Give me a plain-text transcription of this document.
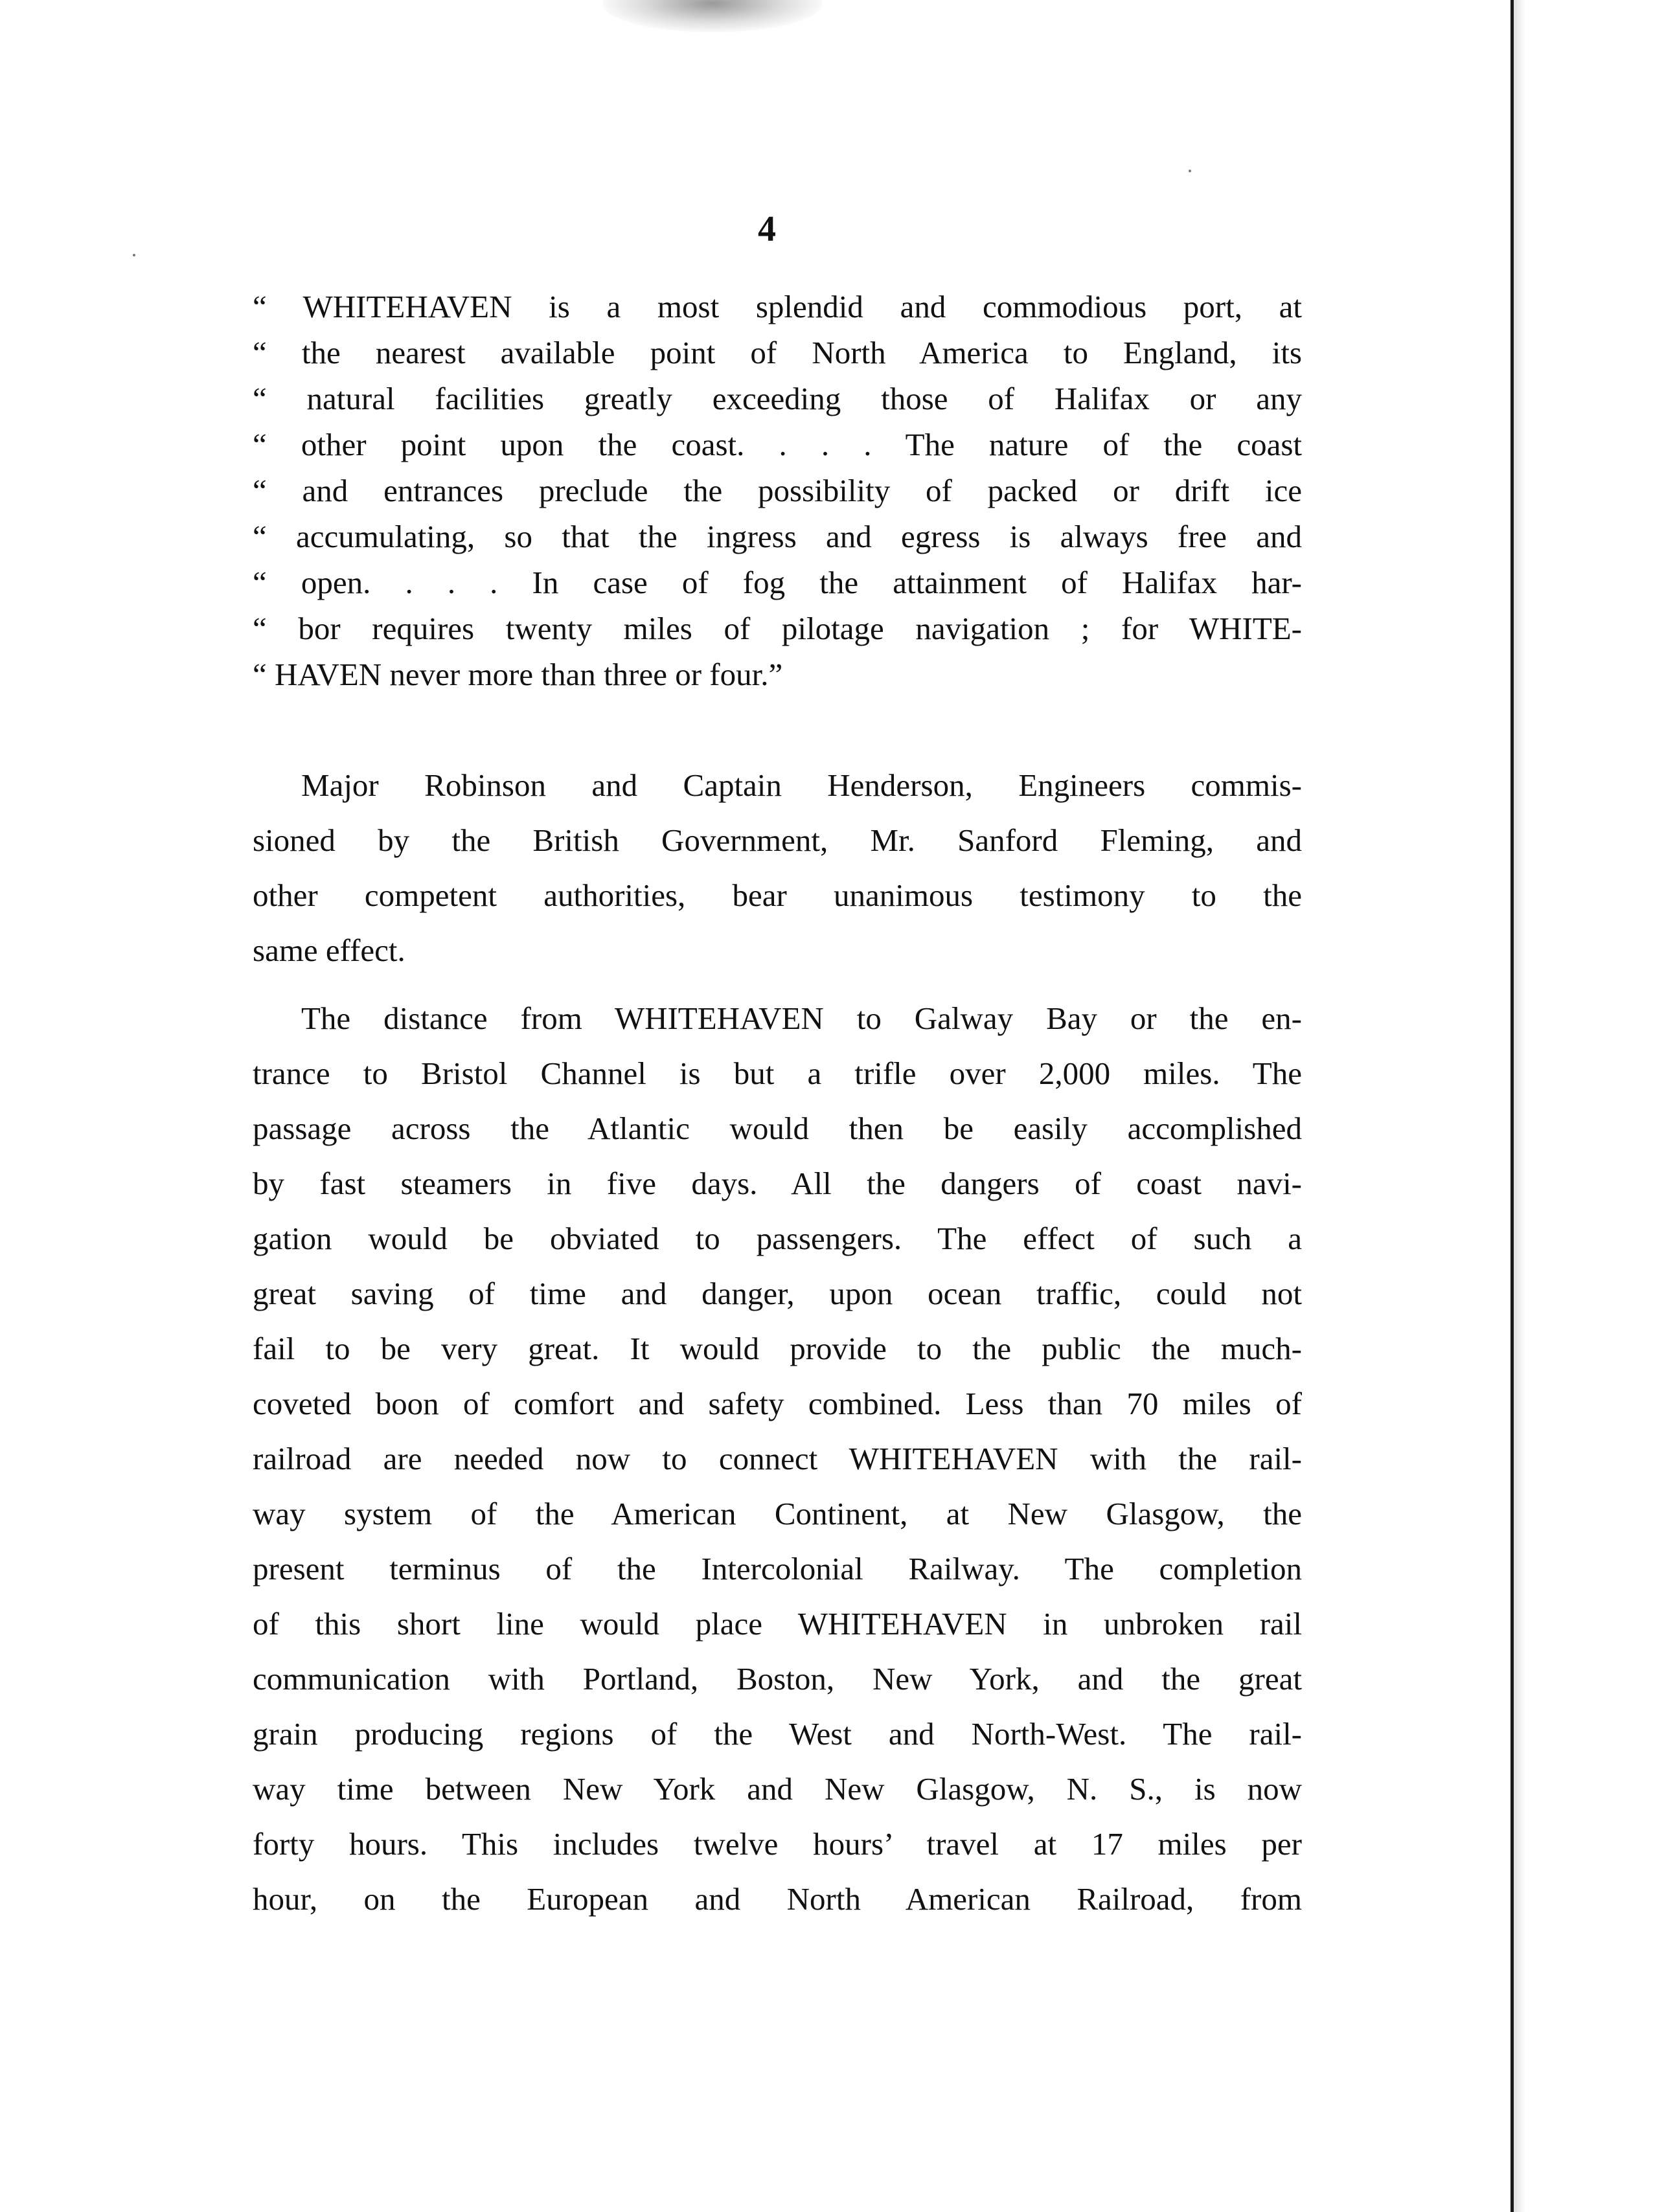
4
“ WHITEHAVEN is a most splendid and commodious port, at
“ the nearest available point of North America to England, its
“ natural facilities greatly exceeding those of Halifax or any
“ other point upon the coast. . . . The nature of the coast
“ and entrances preclude the possibility of packed or drift ice
“ accumulating, so that the ingress and egress is always free and
“ open. . . . In case of fog the attainment of Halifax har-
“ bor requires twenty miles of pilotage navigation ; for WHITE-
“ HAVEN never more than three or four.”
Major Robinson and Captain Henderson, Engineers commis-
sioned by the British Government, Mr. Sanford Fleming, and
other competent authorities, bear unanimous testimony to the
same effect.
The distance from WHITEHAVEN to Galway Bay or the en-
trance to Bristol Channel is but a trifle over 2,000 miles. The
passage across the Atlantic would then be easily accomplished
by fast steamers in five days. All the dangers of coast navi-
gation would be obviated to passengers. The effect of such a
great saving of time and danger, upon ocean traffic, could not
fail to be very great. It would provide to the public the much-
coveted boon of comfort and safety combined. Less than 70 miles of
railroad are needed now to connect WHITEHAVEN with the rail-
way system of the American Continent, at New Glasgow, the
present terminus of the Intercolonial Railway. The completion
of this short line would place WHITEHAVEN in unbroken rail
communication with Portland, Boston, New York, and the great
grain producing regions of the West and North-West. The rail-
way time between New York and New Glasgow, N. S., is now
forty hours. This includes twelve hours’ travel at 17 miles per
hour, on the European and North American Railroad, from
